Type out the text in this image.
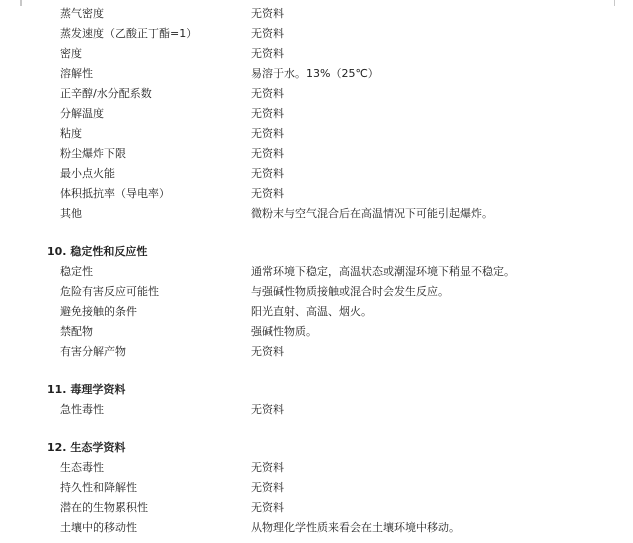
蒸气密度	无资料
蒸发速度（乙酸正丁酯=1）	无资料
密度	无资料
溶解性	易溶于水。13%（25℃）
正辛醇/水分配系数	无资料
分解温度	无资料
粘度	无资料
粉尘爆炸下限	无资料
最小点火能	无资料
体积抵抗率（导电率）	无资料
其他	微粉末与空气混合后在高温情况下可能引起爆炸。
10. 稳定性和反应性
稳定性	通常环境下稳定，高温状态或潮湿环境下稍显不稳定。
危险有害反应可能性	与强碱性物质接触或混合时会发生反应。
避免接触的条件	阳光直射、高温、烟火。
禁配物	强碱性物质。
有害分解产物	无资料
11. 毒理学资料
急性毒性	无资料
12. 生态学资料
生态毒性	无资料
持久性和降解性	无资料
潜在的生物累积性	无资料
土壤中的移动性	从物理化学性质来看会在土壤环境中移动。
